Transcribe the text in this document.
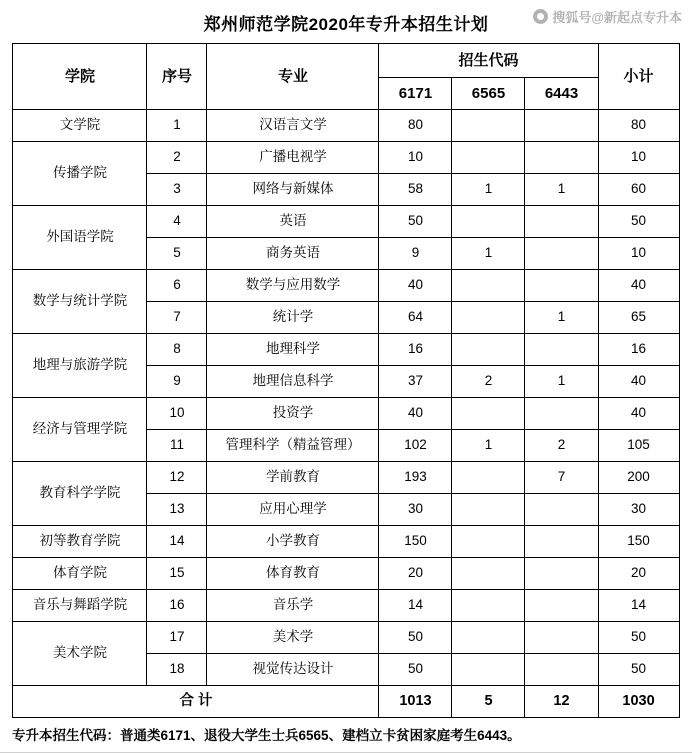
搜狐号@新起点专升本
郑州师范学院2020年专升本招生计划
学院	序号	专业	招生代码			小计
			6171	6565	6443	
文学院	1	汉语言文学	80			80
传播学院	2	广播电视学	10			10
	3	网络与新媒体	58	1	1	60
外国语学院	4	英语	50			50
	5	商务英语	9	1		10
数学与统计学院	6	数学与应用数学	40			40
	7	统计学	64		1	65
地理与旅游学院	8	地理科学	16			16
	9	地理信息科学	37	2	1	40
经济与管理学院	10	投资学	40			40
	11	管理科学（精益管理）	102	1	2	105
教育科学学院	12	学前教育	193		7	200
	13	应用心理学	30			30
初等教育学院	14	小学教育	150			150
体育学院	15	体育教育	20			20
音乐与舞蹈学院	16	音乐学	14			14
美术学院	17	美术学	50			50
	18	视觉传达设计	50			50
合 计			1013	5	12	1030
专升本招生代码：普通类6171、退役大学生士兵6565、建档立卡贫困家庭考生6443。
